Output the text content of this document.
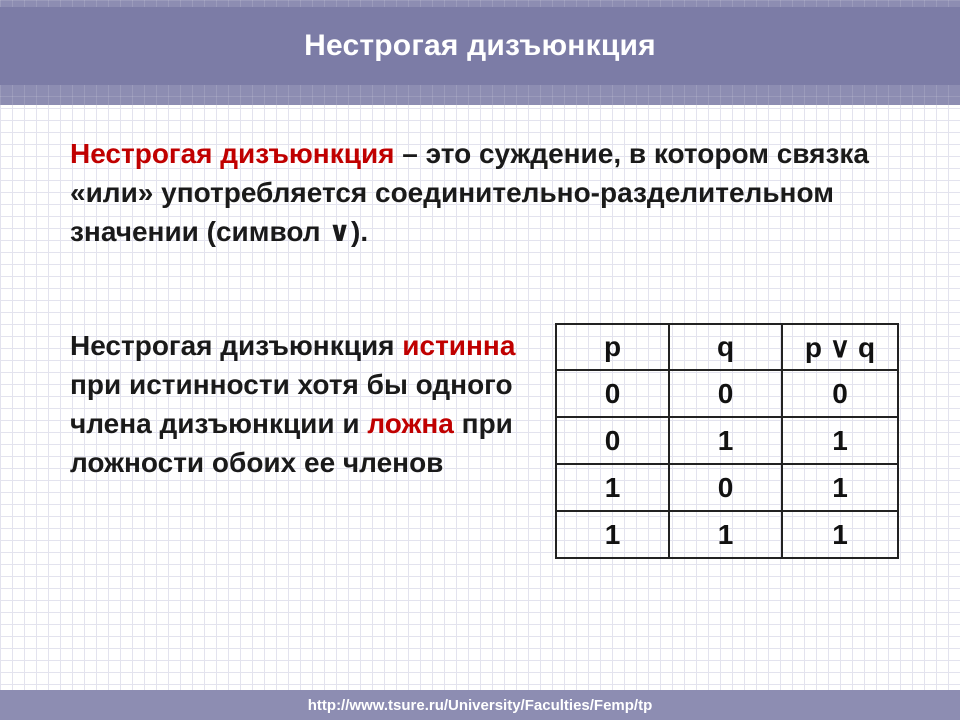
Нестрогая дизъюнкция
Нестрогая дизъюнкция – это суждение, в котором связка «или» употребляется соединительно-разделительном значении (символ ∨).
Нестрогая дизъюнкция истинна при истинности хотя бы одного члена дизъюнкции и ложна при ложности обоих ее членов
p	q	p ∨ q
0	0	0
0	1	1
1	0	1
1	1	1
http://www.tsure.ru/University/Faculties/Femp/tp
